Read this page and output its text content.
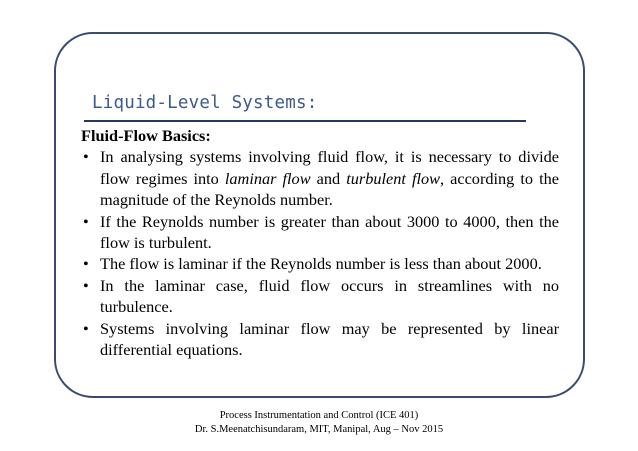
Liquid-Level Systems:

Fluid-Flow Basics:

• In analysing systems involving fluid flow, it is necessary to divide flow regimes into laminar flow and turbulent flow, according to the magnitude of the Reynolds number.
• If the Reynolds number is greater than about 3000 to 4000, then the flow is turbulent.
• The flow is laminar if the Reynolds number is less than about 2000.
• In the laminar case, fluid flow occurs in streamlines with no turbulence.
• Systems involving laminar flow may be represented by linear differential equations.
Process Instrumentation and Control (ICE 401)
Dr. S.Meenatchisundaram, MIT, Manipal, Aug – Nov 2015
